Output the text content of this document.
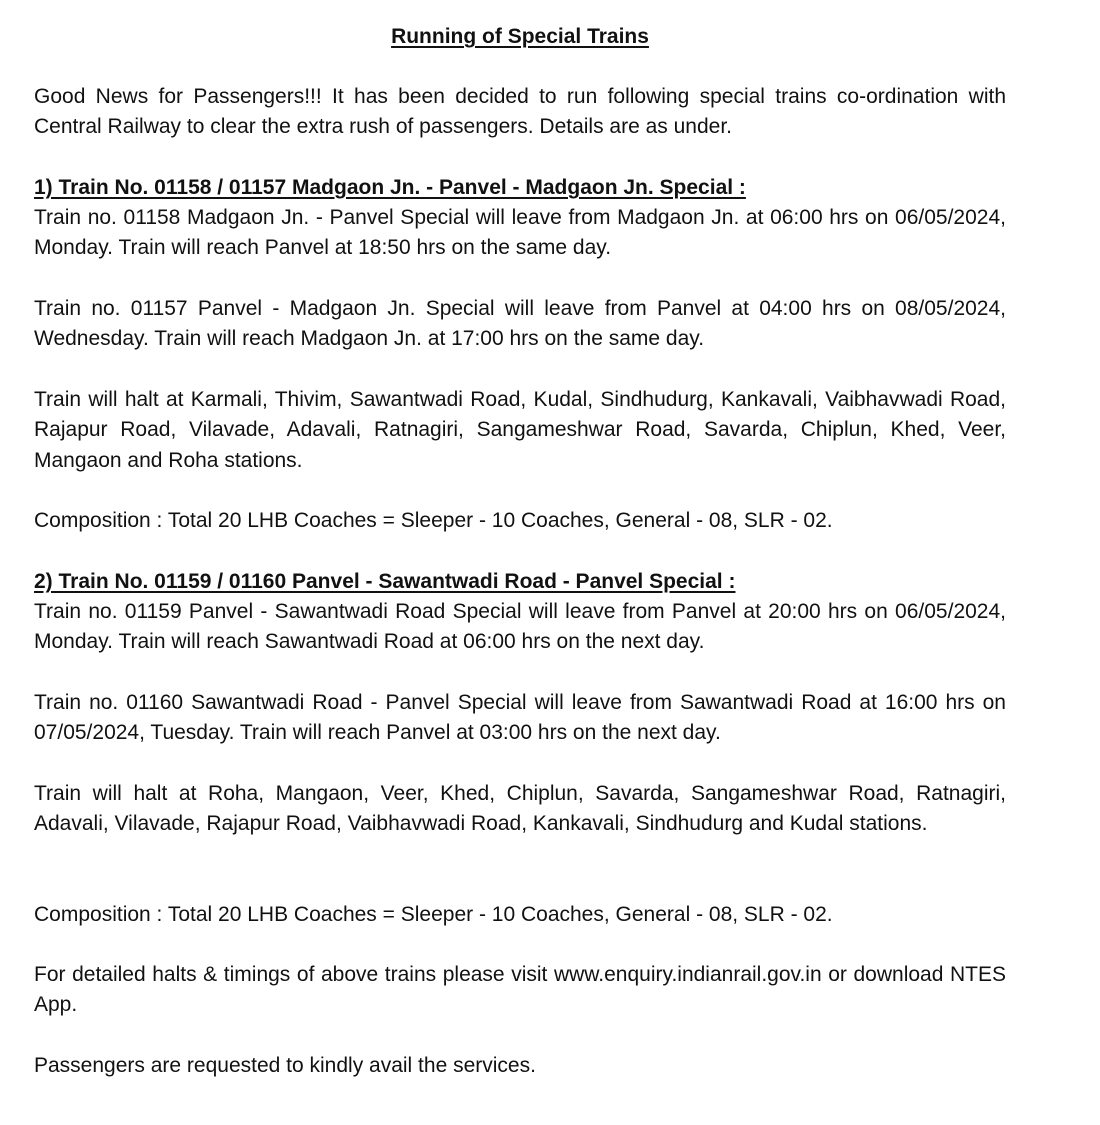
Running of Special Trains
Good News for Passengers!!! It has been decided to run following special trains co-ordination with Central Railway to clear the extra rush of passengers. Details are as under.
1) Train No. 01158 / 01157 Madgaon Jn. - Panvel - Madgaon Jn. Special :
Train no. 01158 Madgaon Jn. - Panvel Special will leave from Madgaon Jn. at 06:00 hrs on 06/05/2024, Monday. Train will reach Panvel at 18:50 hrs on the same day.
Train no. 01157 Panvel - Madgaon Jn. Special will leave from Panvel at 04:00 hrs on 08/05/2024, Wednesday. Train will reach Madgaon Jn. at 17:00 hrs on the same day.
Train will halt at Karmali, Thivim, Sawantwadi Road, Kudal, Sindhudurg, Kankavali, Vaibhavwadi Road, Rajapur Road, Vilavade, Adavali, Ratnagiri, Sangameshwar Road, Savarda, Chiplun, Khed, Veer, Mangaon and Roha stations.
Composition : Total 20 LHB Coaches = Sleeper - 10 Coaches, General - 08, SLR - 02.
2) Train No. 01159 / 01160 Panvel - Sawantwadi Road - Panvel Special :
Train no. 01159 Panvel - Sawantwadi Road Special will leave from Panvel at 20:00 hrs on 06/05/2024, Monday. Train will reach Sawantwadi Road at 06:00 hrs on the next day.
Train no. 01160 Sawantwadi Road - Panvel Special will leave from Sawantwadi Road at 16:00 hrs on 07/05/2024, Tuesday. Train will reach Panvel at 03:00 hrs on the next day.
Train will halt at Roha, Mangaon, Veer, Khed, Chiplun, Savarda, Sangameshwar Road, Ratnagiri, Adavali, Vilavade, Rajapur Road, Vaibhavwadi Road, Kankavali, Sindhudurg and Kudal stations.
Composition : Total 20 LHB Coaches = Sleeper - 10 Coaches, General - 08, SLR - 02.
For detailed halts & timings of above trains please visit www.enquiry.indianrail.gov.in or download NTES App.
Passengers are requested to kindly avail the services.
